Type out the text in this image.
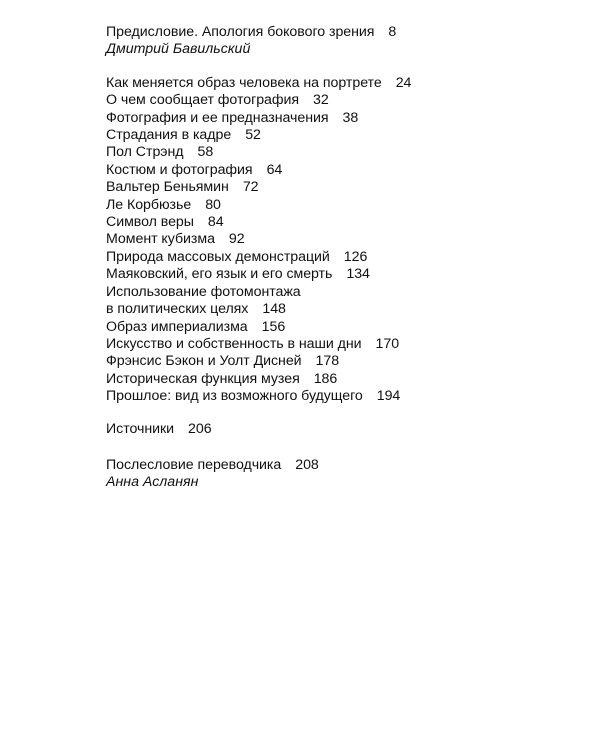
Предисловие. Апология бокового зрения 8
Дмитрий Бавильский
Как меняется образ человека на портрете 24
О чем сообщает фотография 32
Фотография и ее предназначения 38
Страдания в кадре 52
Пол Стрэнд 58
Костюм и фотография 64
Вальтер Беньямин 72
Ле Корбюзье 80
Символ веры 84
Момент кубизма 92
Природа массовых демонстраций 126
Маяковский, его язык и его смерть 134
Использование фотомонтажа
в политических целях 148
Образ империализма 156
Искусство и собственность в наши дни 170
Фрэнсис Бэкон и Уолт Дисней 178
Историческая функция музея 186
Прошлое: вид из возможного будущего 194
Источники 206
Послесловие переводчика 208
Анна Асланян
